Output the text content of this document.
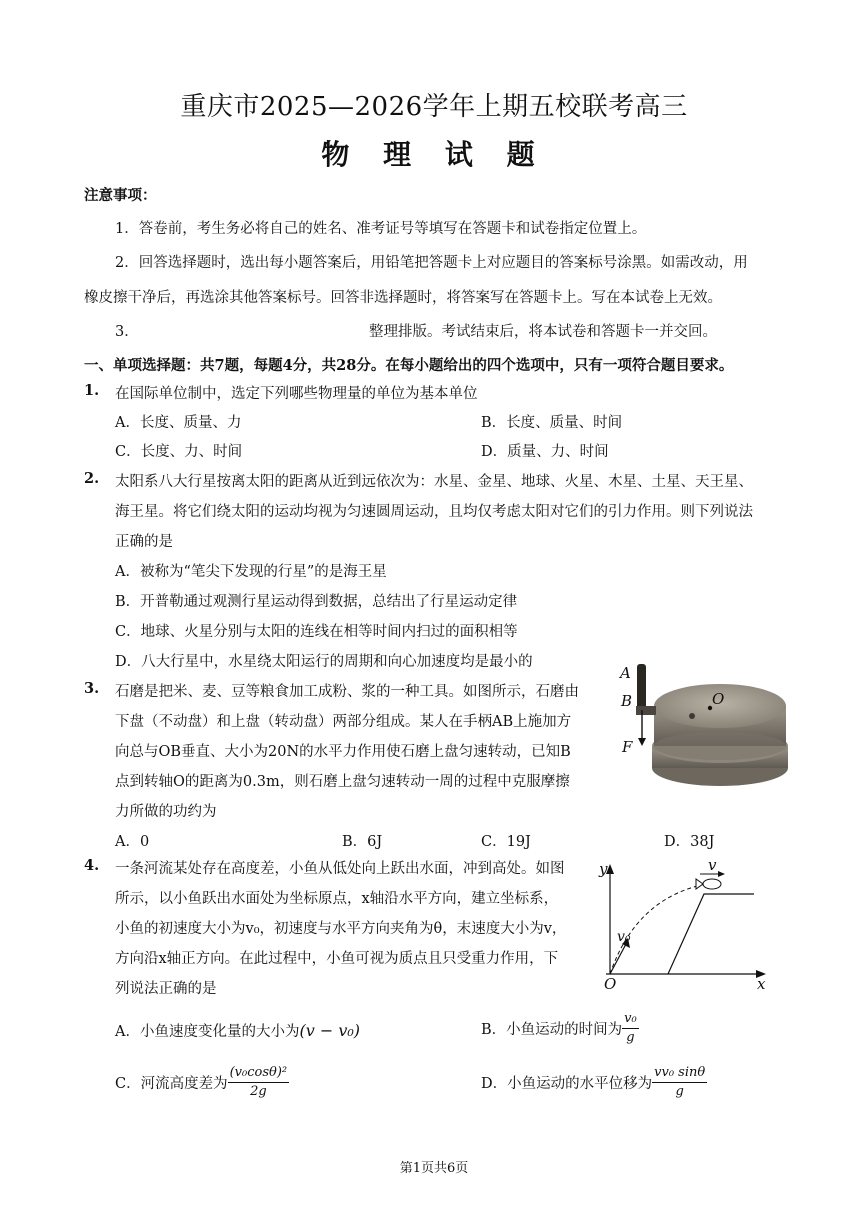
重庆市2025—2026学年上期五校联考高三
物 理 试 题
注意事项：
1．答卷前，考生务必将自己的姓名、准考证号等填写在答题卡和试卷指定位置上。
2．回答选择题时，选出每小题答案后，用铅笔把答题卡上对应题目的答案标号涂黑。如需改动，用
橡皮擦干净后，再选涂其他答案标号。回答非选择题时，将答案写在答题卡上。写在本试卷上无效。
3．	整理排版。考试结束后，将本试卷和答题卡一并交回。
一、单项选择题：共7题，每题4分，共28分。在每小题给出的四个选项中，只有一项符合题目要求。
1. 在国际单位制中，选定下列哪些物理量的单位为基本单位
A．长度、质量、力	B．长度、质量、时间
C．长度、力、时间	D．质量、力、时间
2. 太阳系八大行星按离太阳的距离从近到远依次为：水星、金星、地球、火星、木星、土星、天王星、
海王星。将它们绕太阳的运动均视为匀速圆周运动，且均仅考虑太阳对它们的引力作用。则下列说法
正确的是
A．被称为“笔尖下发现的行星”的是海王星
B．开普勒通过观测行星运动得到数据，总结出了行星运动定律
C．地球、火星分别与太阳的连线在相等时间内扫过的面积相等
D．八大行星中，水星绕太阳运行的周期和向心加速度均是最小的
3. 石磨是把米、麦、豆等粮食加工成粉、浆的一种工具。如图所示，石磨由
下盘（不动盘）和上盘（转动盘）两部分组成。某人在手柄AB上施加方
向总与OB垂直、大小为20N的水平力作用使石磨上盘匀速转动，已知B
点到转轴O的距离为0.3m，则石磨上盘匀速转动一周的过程中克服摩擦
力所做的功约为
A．0	B．6J	C．19J	D．38J
A
B	O
F
4. 一条河流某处存在高度差，小鱼从低处向上跃出水面，冲到高处。如图
所示，以小鱼跃出水面处为坐标原点，x轴沿水平方向，建立坐标系，
小鱼的初速度大小为v₀，初速度与水平方向夹角为θ，末速度大小为v，
方向沿x轴正方向。在此过程中，小鱼可视为质点且只受重力作用，下
列说法正确的是
y
x
O
v
v₀
A．小鱼速度变化量的大小为(v − v₀)	B．小鱼运动的时间为 $\frac{\text{v₀}}{g}$
C．河流高度差为 $\frac{\text{(v₀cosθ)²}}{2g}$	D．小鱼运动的水平位移为 $\frac{\text{vv₀ sinθ}}{g}$
第1页共6页
